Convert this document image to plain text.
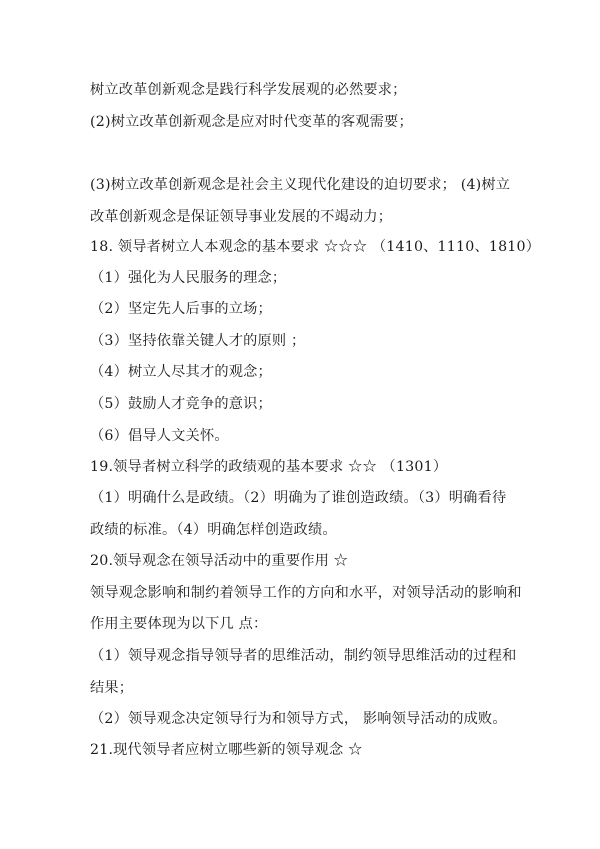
树立改革创新观念是践行科学发展观的必然要求；
(2)树立改革创新观念是应对时代变革的客观需要；
(3)树立改革创新观念是社会主义现代化建设的迫切要求； (4)树立
改革创新观念是保证领导事业发展的不竭动力；
18. 领导者树立人本观念的基本要求 ☆☆☆ （1410、1110、1810）
（1）强化为人民服务的理念；
（2）坚定先人后事的立场；
（3）坚持依靠关键人才的原则 ；
（4）树立人尽其才的观念；
（5）鼓励人才竞争的意识；
（6）倡导人文关怀。
19.领导者树立科学的政绩观的基本要求 ☆☆ （1301）
（1）明确什么是政绩。（2）明确为了谁创造政绩。（3）明确看待
政绩的标准。（4）明确怎样创造政绩。
20.领导观念在领导活动中的重要作用 ☆
领导观念影响和制约着领导工作的方向和水平，对领导活动的影响和
作用主要体现为以下几 点：
（1）领导观念指导领导者的思维活动，制约领导思维活动的过程和
结果；
（2）领导观念决定领导行为和领导方式， 影响领导活动的成败。
21.现代领导者应树立哪些新的领导观念 ☆
